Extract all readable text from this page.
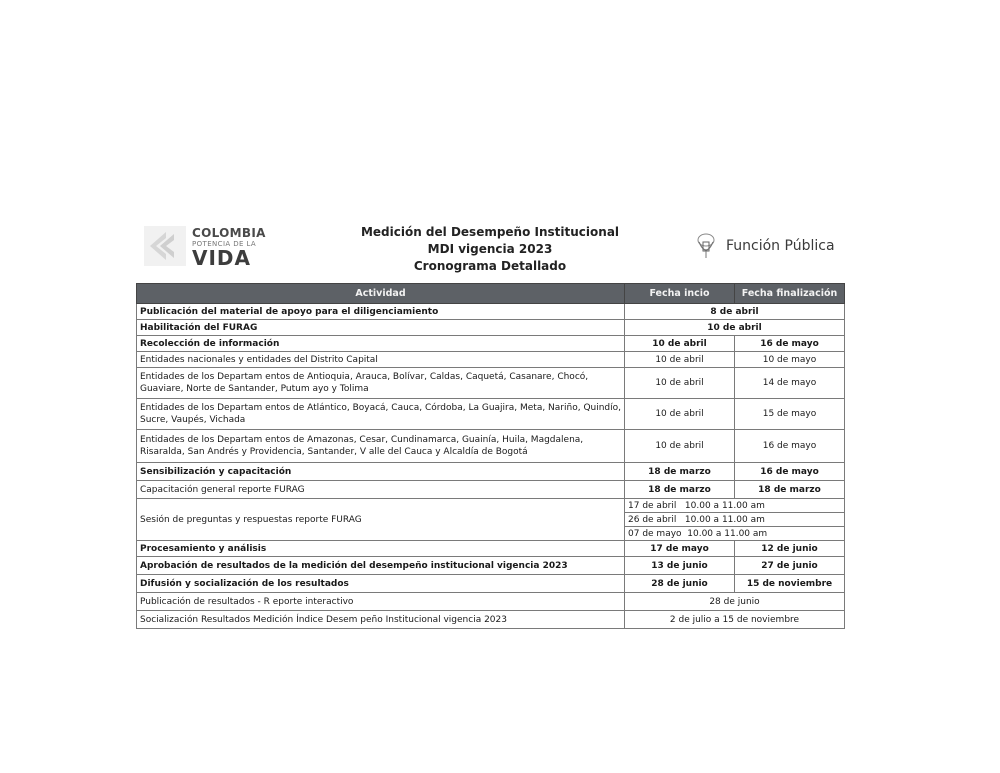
COLOMBIA
POTENCIA DE LA
VIDA
Medición del Desempeño Institucional
MDI vigencia 2023
Cronograma Detallado
Función Pública
Actividad	Fecha incio	Fecha finalización
Publicación del material de apoyo para el diligenciamiento	8 de abril	
Habilitación del FURAG	10 de abril	
Recolección de información	10 de abril	16 de mayo
Entidades nacionales y entidades del Distrito Capital	10 de abril	10 de mayo
Entidades de los Departam entos de Antioquia, Arauca, Bolívar, Caldas, Caquetá, Casanare, Chocó, Guaviare, Norte de Santander, Putum ayo y Tolima	10 de abril	14 de mayo
Entidades de los Departam entos de Atlántico, Boyacá, Cauca, Córdoba, La Guajira, Meta, Nariño, Quindío, Sucre, Vaupés, Vichada	10 de abril	15 de mayo
Entidades de los Departam entos de Amazonas, Cesar, Cundinamarca, Guainía, Huila, Magdalena, Risaralda, San Andrés y Providencia, Santander, V alle del Cauca y Alcaldía de Bogotá	10 de abril	16 de mayo
Sensibilización y capacitación	18 de marzo	16 de mayo
Capacitación general reporte FURAG	18 de marzo	18 de marzo
Sesión de preguntas y respuestas reporte FURAG	17 de abril   10.00 a 11.00 am	
	26 de abril   10.00 a 11.00 am	
	07 de mayo  10.00 a 11.00 am	
Procesamiento y análisis	17 de mayo	12 de junio
Aprobación de resultados de la medición del desempeño institucional vigencia 2023	13 de junio	27 de junio
Difusión y socialización de los resultados	28 de junio	15 de noviembre
Publicación de resultados - R eporte interactivo	28 de junio	
Socialización Resultados Medición Índice Desem peño Institucional vigencia 2023	2 de julio a 15 de noviembre	
